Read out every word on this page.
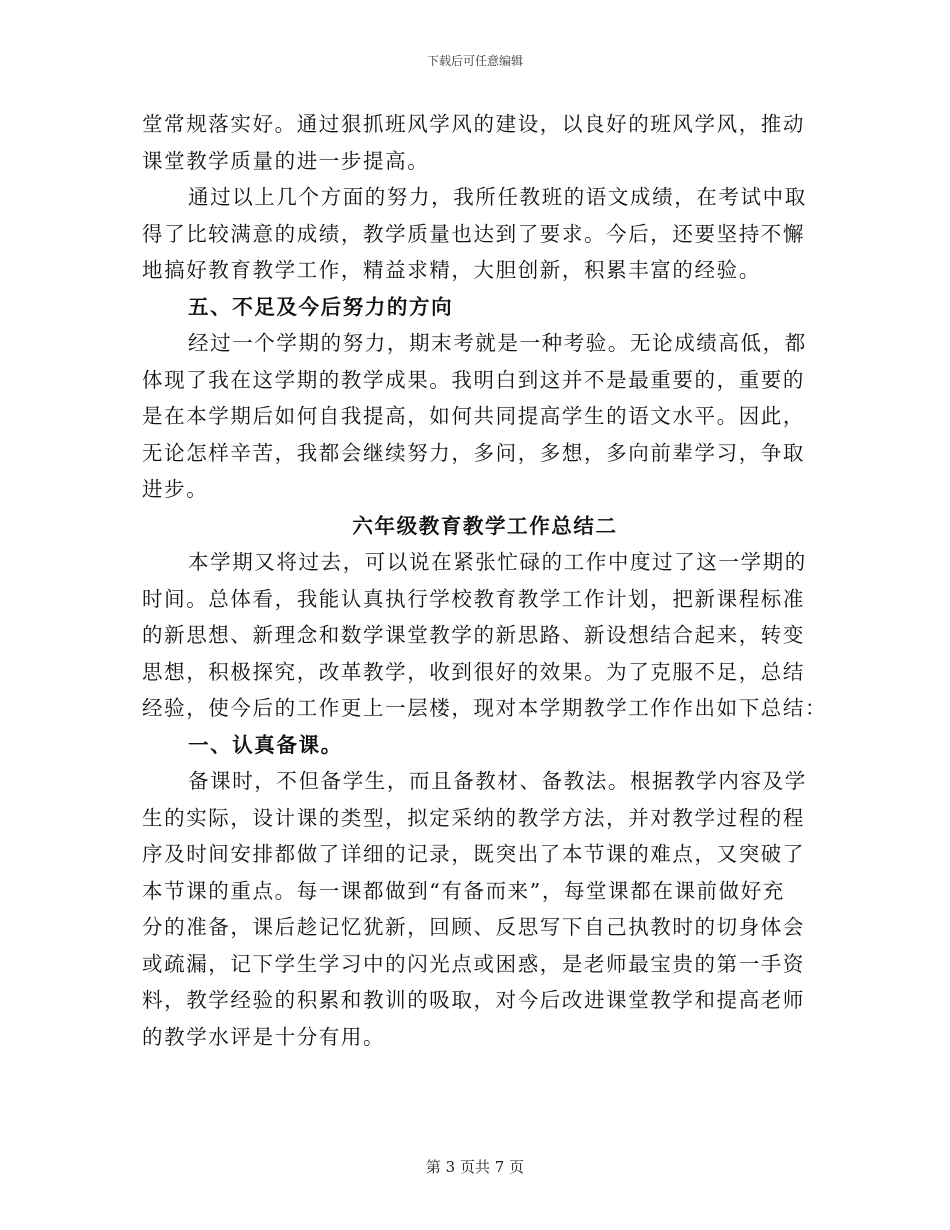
下载后可任意编辑
堂常规落实好。通过狠抓班风学风的建设，以良好的班风学风，推动
课堂教学质量的进一步提高。
通过以上几个方面的努力，我所任教班的语文成绩，在考试中取
得了比较满意的成绩，教学质量也达到了要求。今后，还要坚持不懈
地搞好教育教学工作，精益求精，大胆创新，积累丰富的经验。
五、不足及今后努力的方向
经过一个学期的努力，期末考就是一种考验。无论成绩高低，都
体现了我在这学期的教学成果。我明白到这并不是最重要的，重要的
是在本学期后如何自我提高，如何共同提高学生的语文水平。因此，
无论怎样辛苦，我都会继续努力，多问，多想，多向前辈学习，争取
进步。
六年级教育教学工作总结二
本学期又将过去，可以说在紧张忙碌的工作中度过了这一学期的
时间。总体看，我能认真执行学校教育教学工作计划，把新课程标准
的新思想、新理念和数学课堂教学的新思路、新设想结合起来，转变
思想，积极探究，改革教学，收到很好的效果。为了克服不足，总结
经验，使今后的工作更上一层楼，现对本学期教学工作作出如下总结：
一、认真备课。
备课时，不但备学生，而且备教材、备教法。根据教学内容及学
生的实际，设计课的类型，拟定采纳的教学方法，并对教学过程的程
序及时间安排都做了详细的记录，既突出了本节课的难点，又突破了
本节课的重点。每一课都做到“有备而来”，每堂课都在课前做好充
分的准备，课后趁记忆犹新，回顾、反思写下自己执教时的切身体会
或疏漏，记下学生学习中的闪光点或困惑，是老师最宝贵的第一手资
料，教学经验的积累和教训的吸取，对今后改进课堂教学和提高老师
的教学水评是十分有用。
第 3 页共 7 页
